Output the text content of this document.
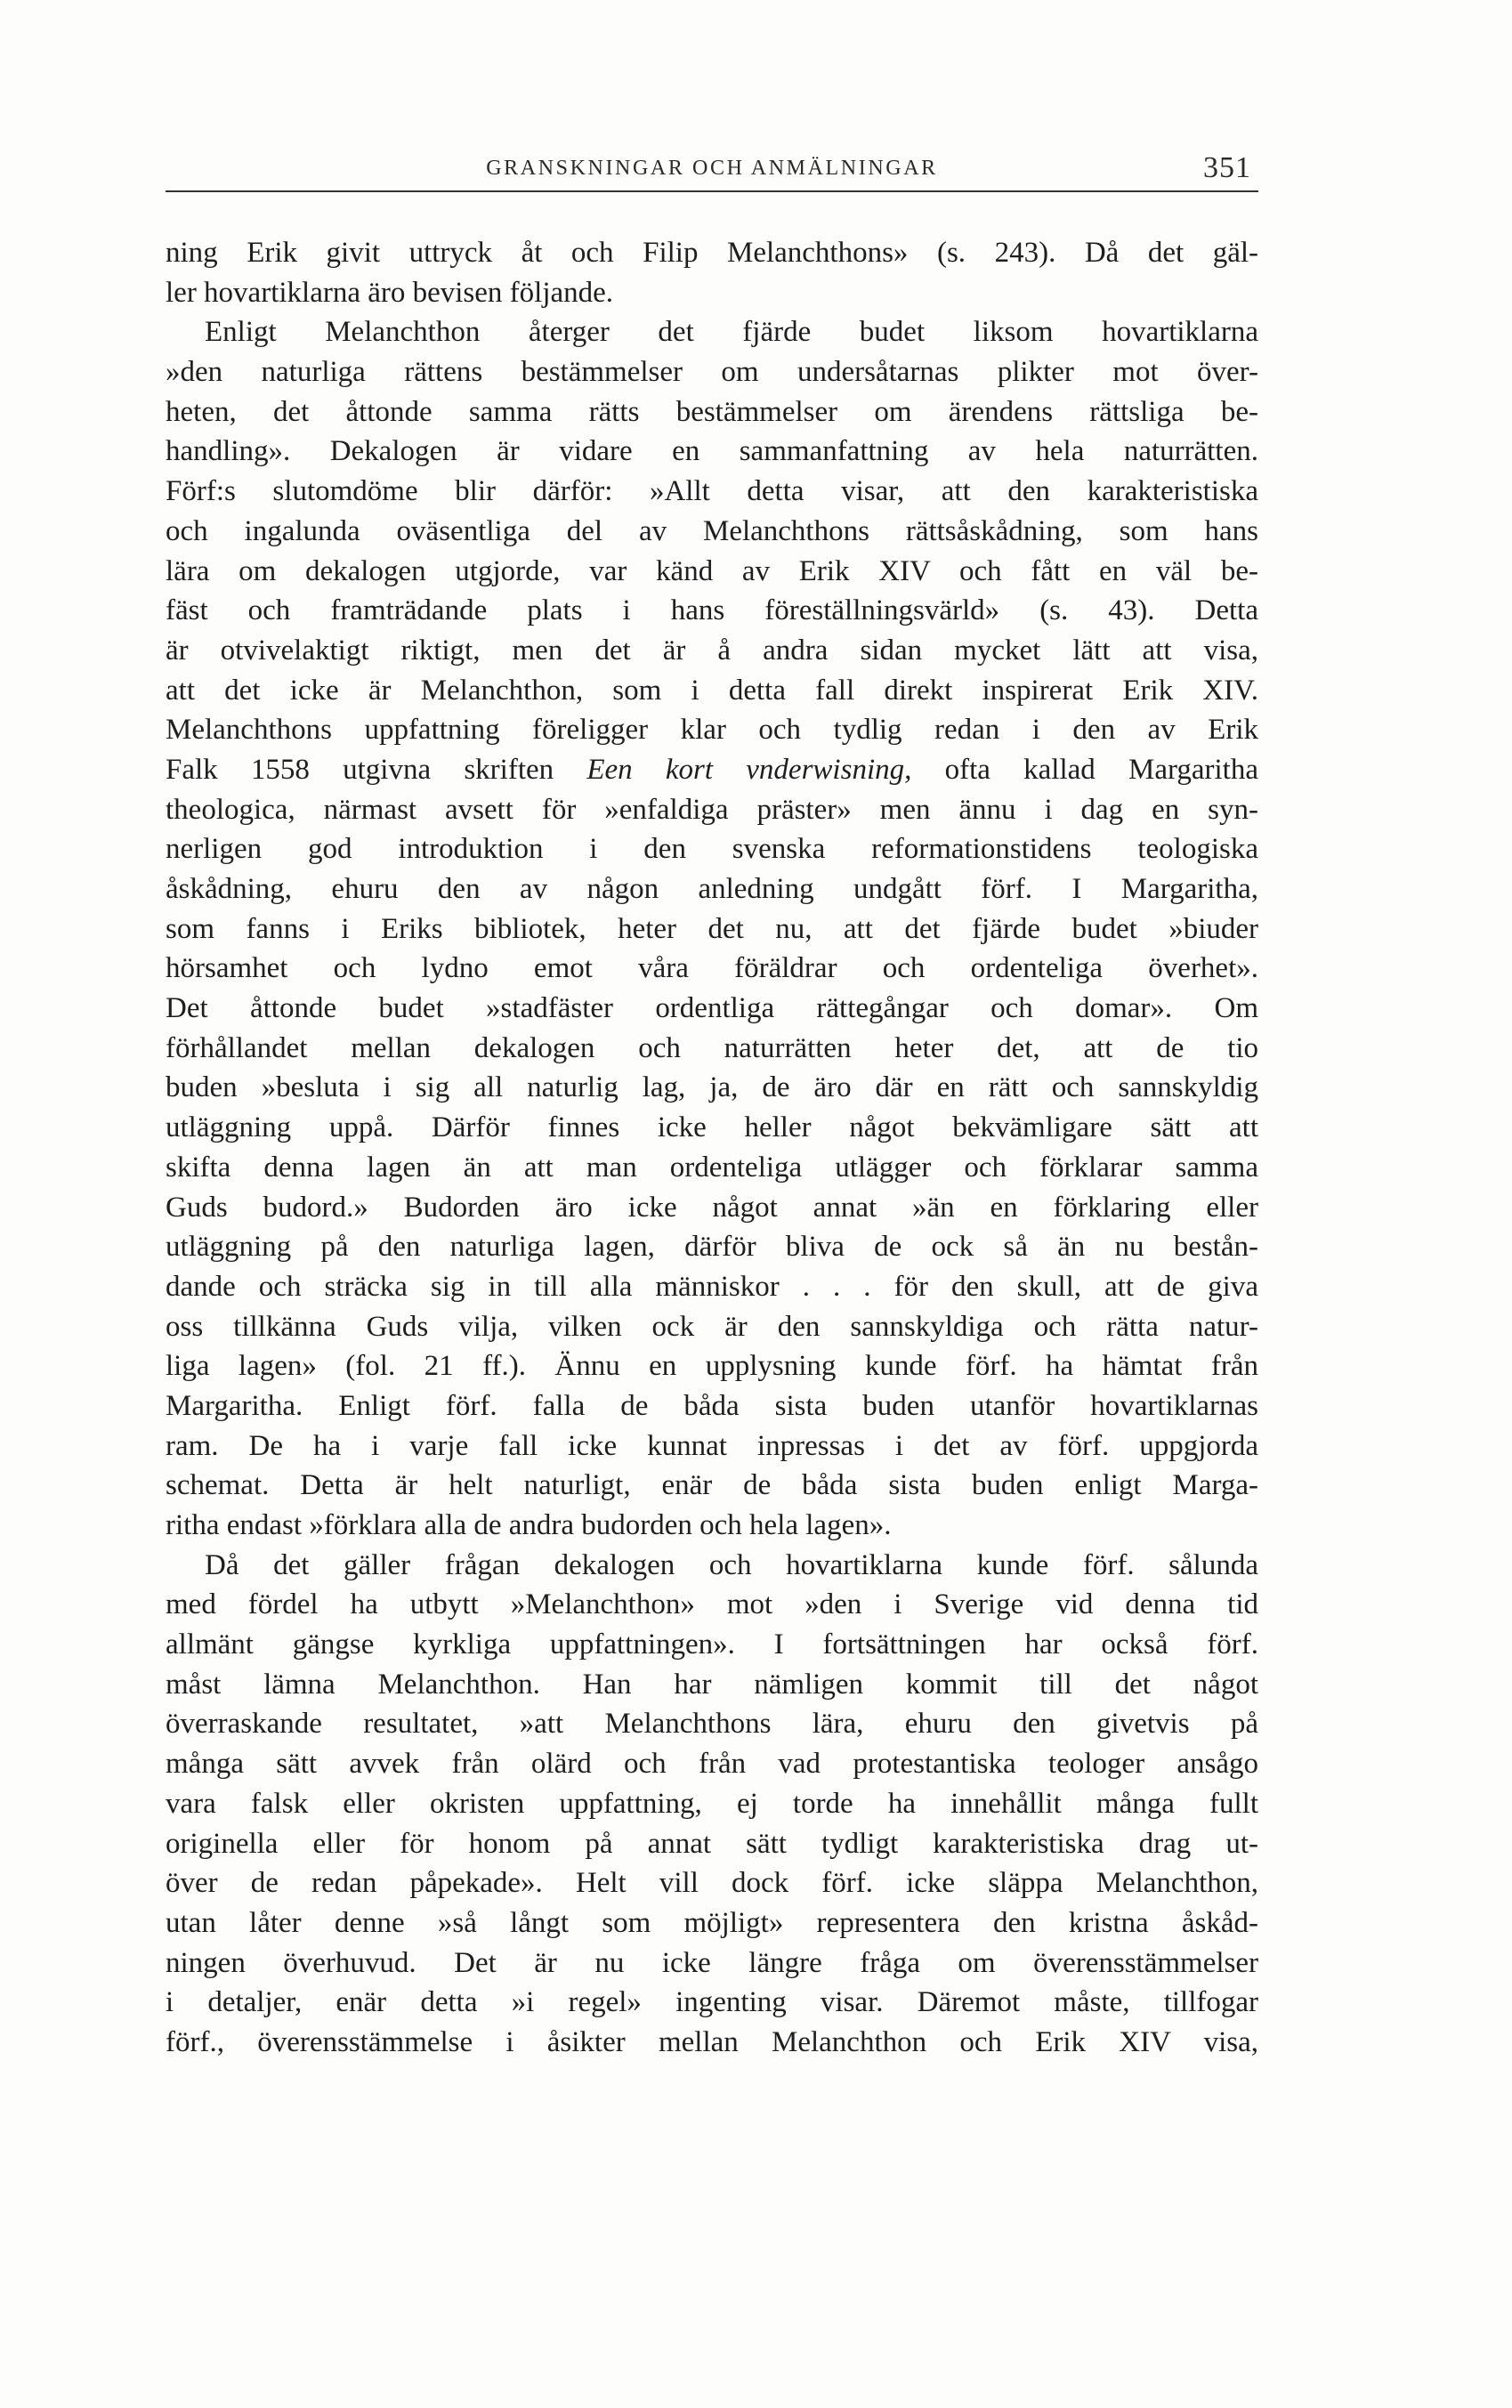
GRANSKNINGAR OCH ANMÄLNINGAR	351
ning Erik givit uttryck åt och Filip Melanchthons» (s. 243). Då det gäl-
ler hovartiklarna äro bevisen följande.
Enligt Melanchthon återger det fjärde budet liksom hovartiklarna
»den naturliga rättens bestämmelser om undersåtarnas plikter mot över-
heten, det åttonde samma rätts bestämmelser om ärendens rättsliga be-
handling». Dekalogen är vidare en sammanfattning av hela naturrätten.
Förf:s slutomdöme blir därför: »Allt detta visar, att den karakteristiska
och ingalunda oväsentliga del av Melanchthons rättsåskådning, som hans
lära om dekalogen utgjorde, var känd av Erik XIV och fått en väl be-
fäst och framträdande plats i hans föreställningsvärld» (s. 43). Detta
är otvivelaktigt riktigt, men det är å andra sidan mycket lätt att visa,
att det icke är Melanchthon, som i detta fall direkt inspirerat Erik XIV.
Melanchthons uppfattning föreligger klar och tydlig redan i den av Erik
Falk 1558 utgivna skriften Een kort vnderwisning, ofta kallad Margaritha
theologica, närmast avsett för »enfaldiga präster» men ännu i dag en syn-
nerligen god introduktion i den svenska reformationstidens teologiska
åskådning, ehuru den av någon anledning undgått förf. I Margaritha,
som fanns i Eriks bibliotek, heter det nu, att det fjärde budet »biuder
hörsamhet och lydno emot våra föräldrar och ordenteliga överhet».
Det åttonde budet »stadfäster ordentliga rättegångar och domar». Om
förhållandet mellan dekalogen och naturrätten heter det, att de tio
buden »besluta i sig all naturlig lag, ja, de äro där en rätt och sannskyldig
utläggning uppå. Därför finnes icke heller något bekvämligare sätt att
skifta denna lagen än att man ordenteliga utlägger och förklarar samma
Guds budord.» Budorden äro icke något annat »än en förklaring eller
utläggning på den naturliga lagen, därför bliva de ock så än nu bestån-
dande och sträcka sig in till alla människor . . . för den skull, att de giva
oss tillkänna Guds vilja, vilken ock är den sannskyldiga och rätta natur-
liga lagen» (fol. 21 ff.). Ännu en upplysning kunde förf. ha hämtat från
Margaritha. Enligt förf. falla de båda sista buden utanför hovartiklarnas
ram. De ha i varje fall icke kunnat inpressas i det av förf. uppgjorda
schemat. Detta är helt naturligt, enär de båda sista buden enligt Marga-
ritha endast »förklara alla de andra budorden och hela lagen».
Då det gäller frågan dekalogen och hovartiklarna kunde förf. sålunda
med fördel ha utbytt »Melanchthon» mot »den i Sverige vid denna tid
allmänt gängse kyrkliga uppfattningen». I fortsättningen har också förf.
måst lämna Melanchthon. Han har nämligen kommit till det något
överraskande resultatet, »att Melanchthons lära, ehuru den givetvis på
många sätt avvek från olärd och från vad protestantiska teologer ansågo
vara falsk eller okristen uppfattning, ej torde ha innehållit många fullt
originella eller för honom på annat sätt tydligt karakteristiska drag ut-
över de redan påpekade». Helt vill dock förf. icke släppa Melanchthon,
utan låter denne »så långt som möjligt» representera den kristna åskåd-
ningen överhuvud. Det är nu icke längre fråga om överensstämmelser
i detaljer, enär detta »i regel» ingenting visar. Däremot måste, tillfogar
förf., överensstämmelse i åsikter mellan Melanchthon och Erik XIV visa,
